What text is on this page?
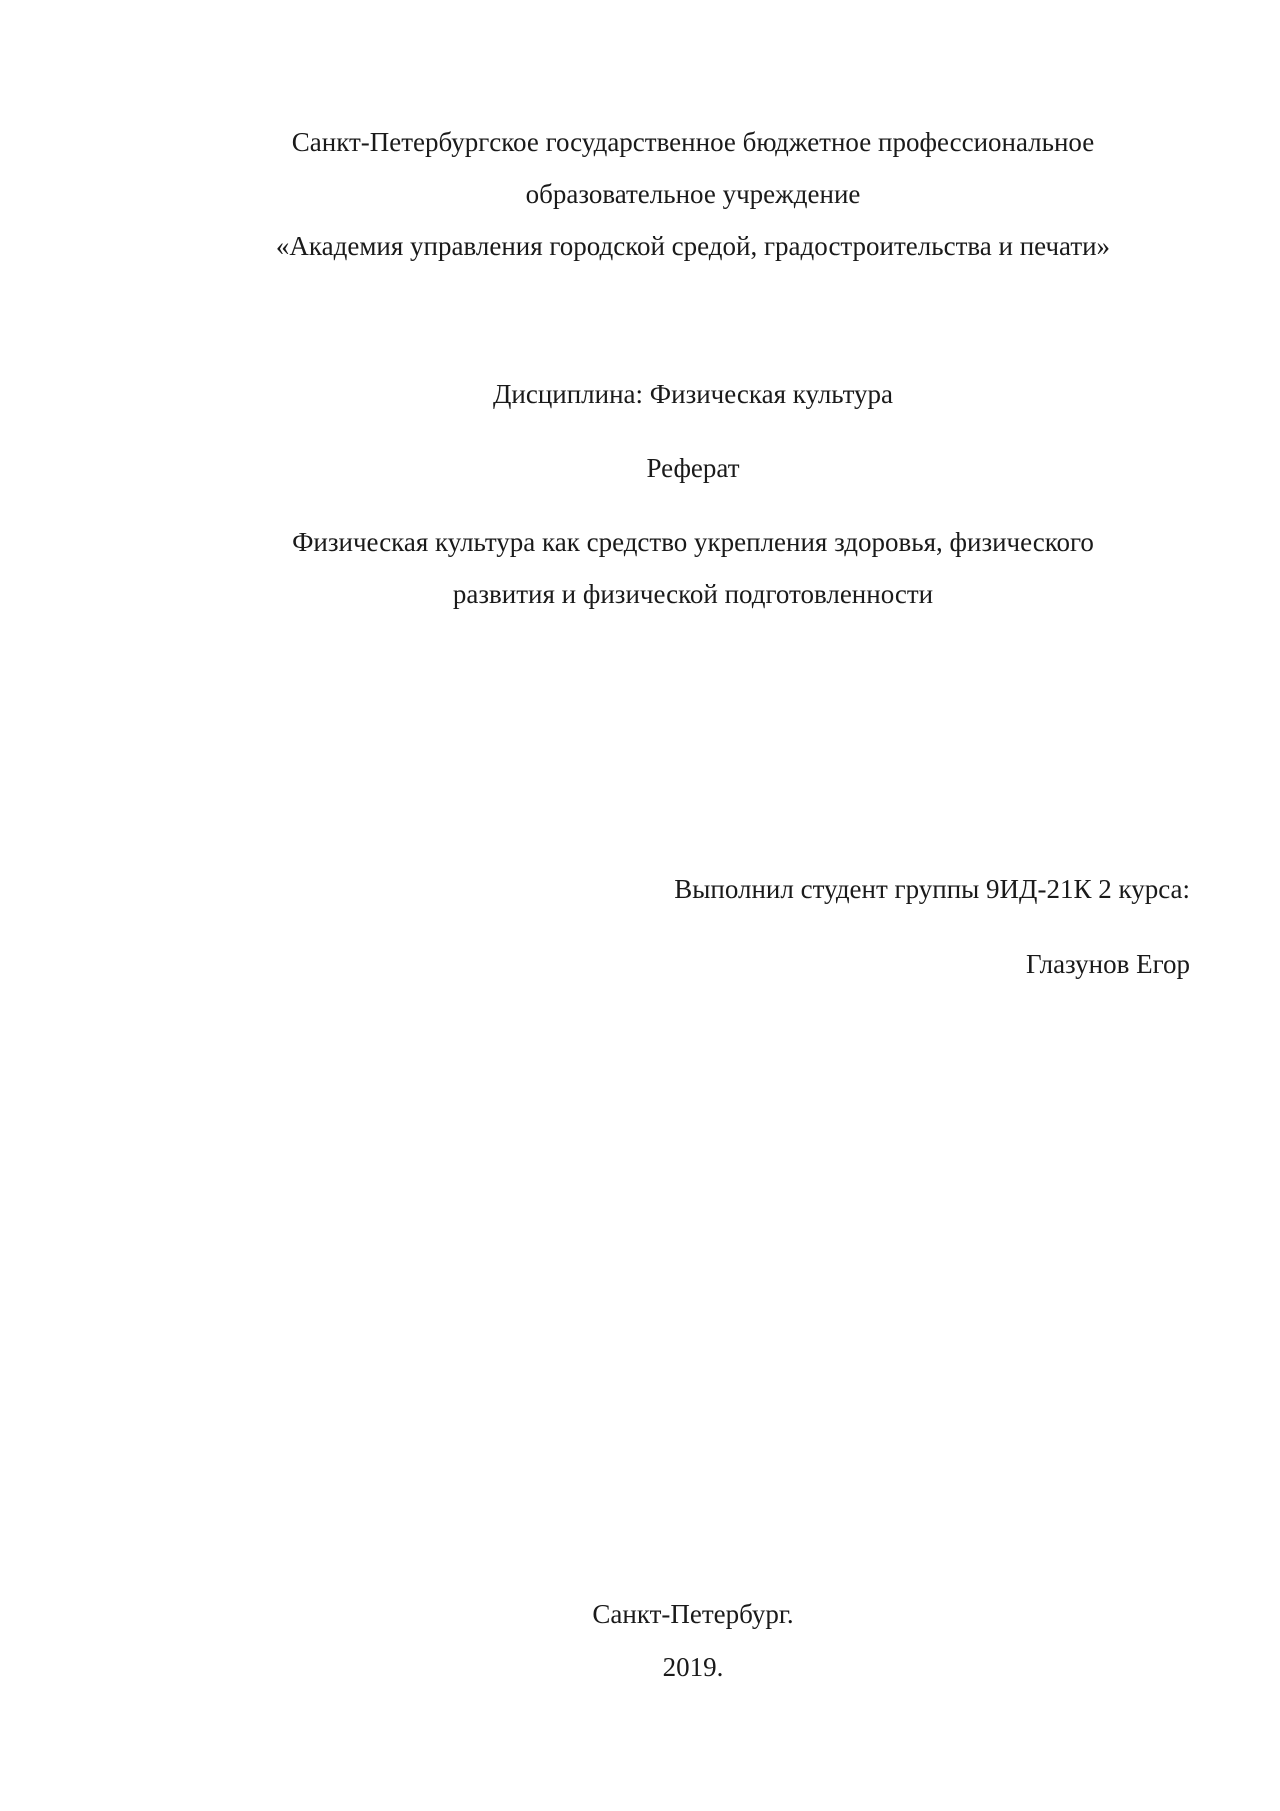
Санкт-Петербургское государственное бюджетное профессиональное
образовательное учреждение
«Академия управления городской средой, градостроительства и печати»
Дисциплина: Физическая культура
Реферат
Физическая культура как средство укрепления здоровья, физического
развития и физической подготовленности
Выполнил студент группы 9ИД-21К 2 курса:
Глазунов Егор
Санкт-Петербург.
2019.
